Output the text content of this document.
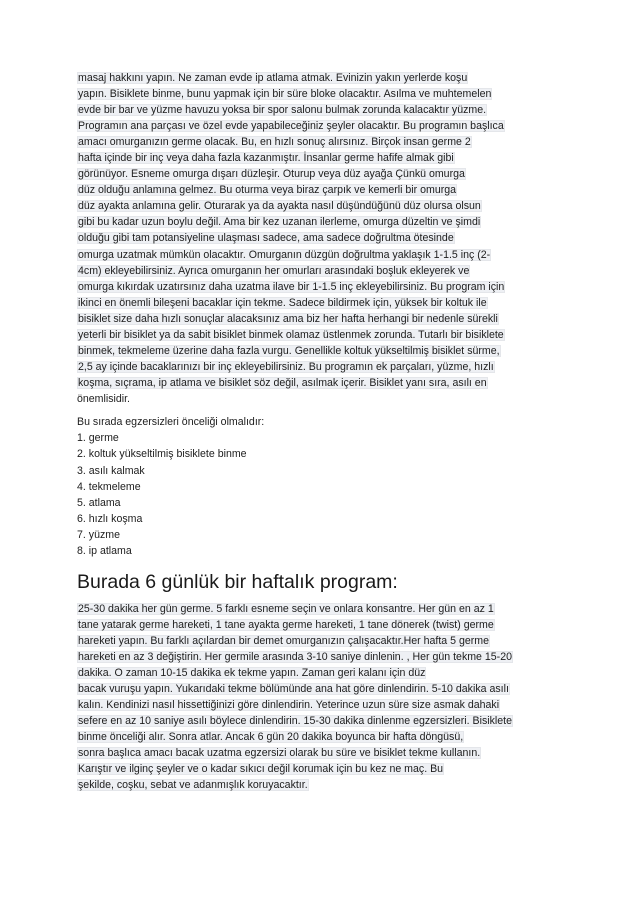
masaj hakkını yapın. Ne zaman evde ip atlama atmak. Evinizin yakın yerlerde koşu
yapın. Bisiklete binme, bunu yapmak için bir süre bloke olacaktır. Asılma ve muhtemelen
evde bir bar ve yüzme havuzu yoksa bir spor salonu bulmak zorunda kalacaktır yüzme.
Programın ana parçası ve özel evde yapabileceğiniz şeyler olacaktır. Bu programın başlıca
amacı omurganızın germe olacak. Bu, en hızlı sonuç alırsınız. Birçok insan germe 2
hafta içinde bir inç veya daha fazla kazanmıştır. İnsanlar germe hafife almak gibi
görünüyor. Esneme omurga dışarı düzleşir. Oturup veya düz ayağa Çünkü omurga
düz olduğu anlamına gelmez. Bu oturma veya biraz çarpık ve kemerli bir omurga
düz ayakta anlamına gelir. Oturarak ya da ayakta nasıl düşündüğünü düz olursa olsun
gibi bu kadar uzun boylu değil. Ama bir kez uzanan ilerleme, omurga düzeltin ve şimdi
olduğu gibi tam potansiyeline ulaşması sadece, ama sadece doğrultma ötesinde
omurga uzatmak mümkün olacaktır. Omurganın düzgün doğrultma yaklaşık 1-1.5 inç (2-
4cm) ekleyebilirsiniz. Ayrıca omurganın her omurları arasındaki boşluk ekleyerek ve
omurga kıkırdak uzatırsınız daha uzatma ilave bir 1-1.5 inç ekleyebilirsiniz. Bu program için
ikinci en önemli bileşeni bacaklar için tekme. Sadece bildirmek için, yüksek bir koltuk ile
bisiklet size daha hızlı sonuçlar alacaksınız ama biz her hafta herhangi bir nedenle sürekli
yeterli bir bisiklet ya da sabit bisiklet binmek olamaz üstlenmek zorunda. Tutarlı bir bisiklete
binmek, tekmeleme üzerine daha fazla vurgu. Genellikle koltuk yükseltilmiş bisiklet sürme,
2,5 ay içinde bacaklarınızı bir inç ekleyebilirsiniz. Bu programın ek parçaları, yüzme, hızlı
koşma, sıçrama, ip atlama ve bisiklet söz değil, asılmak içerir. Bisiklet yanı sıra, asılı en
önemlisidir.
Bu sırada egzersizleri önceliği olmalıdır:
1. germe
2. koltuk yükseltilmiş bisiklete binme
3. asılı kalmak
4. tekmeleme
5. atlama
6. hızlı koşma
7. yüzme
8. ip atlama
Burada 6 günlük bir haftalık program:
25-30 dakika her gün germe. 5 farklı esneme seçin ve onlara konsantre. Her gün en az 1
tane yatarak germe hareketi, 1 tane ayakta germe hareketi, 1 tane dönerek (twist) germe
hareketi yapın. Bu farklı açılardan bir demet omurganızın çalışacaktır.Her hafta 5 germe
hareketi en az 3 değiştirin. Her germile arasında 3-10 saniye dinlenin. , Her gün tekme 15-20
dakika. O zaman 10-15 dakika ek tekme yapın. Zaman geri kalanı için düz
bacak vuruşu yapın. Yukarıdaki tekme bölümünde ana hat göre dinlendirin. 5-10 dakika asılı
kalın. Kendinizi nasıl hissettiğinizi göre dinlendirin. Yeterince uzun süre size asmak dahaki
sefere en az 10 saniye asılı böylece dinlendirin. 15-30 dakika dinlenme egzersizleri. Bisiklete
binme önceliği alır. Sonra atlar. Ancak 6 gün 20 dakika boyunca bir hafta döngüsü,
sonra başlıca amacı bacak uzatma egzersizi olarak bu süre ve bisiklet tekme kullanın.
Karıştır ve ilginç şeyler ve o kadar sıkıcı değil korumak için bu kez ne maç. Bu
şekilde, coşku, sebat ve adanmışlık koruyacaktır.
